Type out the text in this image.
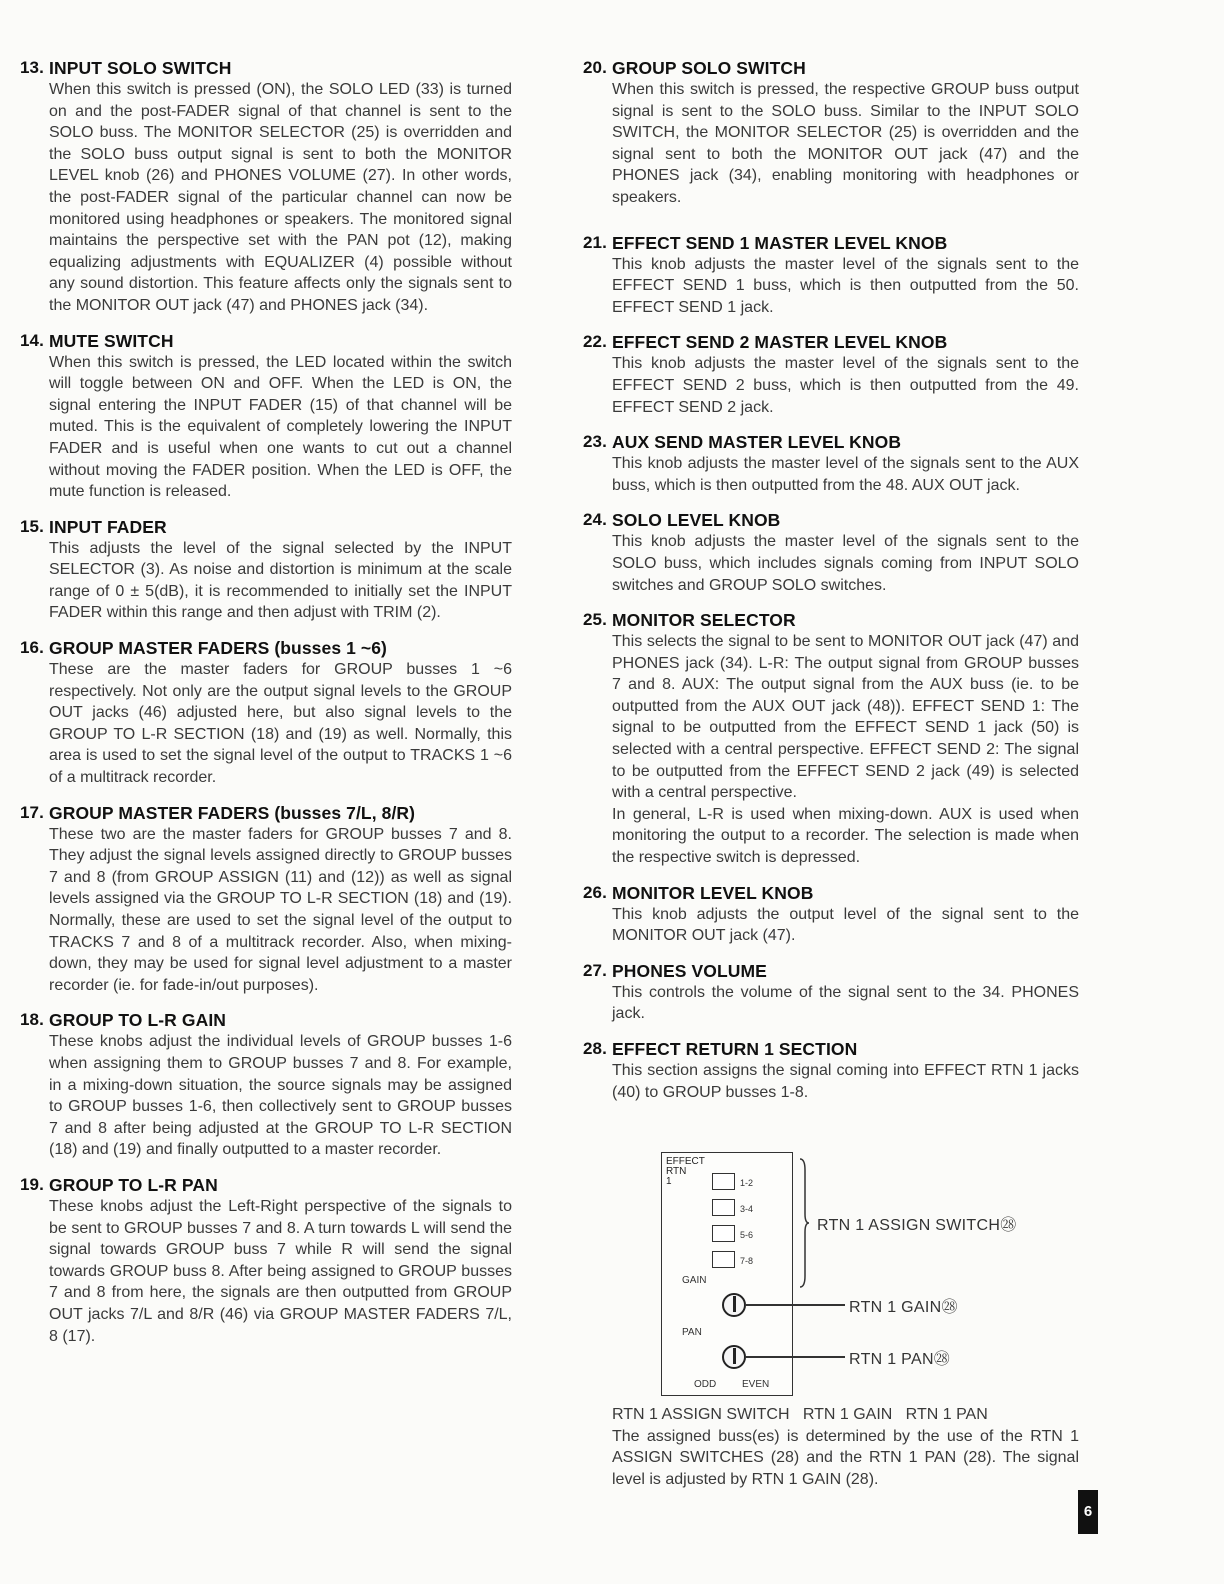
13. INPUT SOLO SWITCH

When this switch is pressed (ON), the SOLO LED (33) is turned on and the post-FADER signal of that channel is sent to the SOLO buss. The MONITOR SELECTOR (25) is overridden and the SOLO buss output signal is sent to both the MONITOR LEVEL knob (26) and PHONES VOLUME (27). In other words, the post-FADER signal of the particular channel can now be monitored using headphones or speakers. The monitored signal maintains the perspective set with the PAN pot (12), making equalizing adjustments with EQUALIZER (4) possible without any sound distortion. This feature affects only the signals sent to the MONITOR OUT jack (47) and PHONES jack (34).

14. MUTE SWITCH

When this switch is pressed, the LED located within the switch will toggle between ON and OFF. When the LED is ON, the signal entering the INPUT FADER (15) of that channel will be muted. This is the equivalent of completely lowering the INPUT FADER and is useful when one wants to cut out a channel without moving the FADER position. When the LED is OFF, the mute function is released.

15. INPUT FADER

This adjusts the level of the signal selected by the INPUT SELECTOR (3). As noise and distortion is minimum at the scale range of 0 ± 5(dB), it is recommended to initially set the INPUT FADER within this range and then adjust with TRIM (2).

16. GROUP MASTER FADERS (busses 1 ~6)

These are the master faders for GROUP busses 1 ~6 respectively. Not only are the output signal levels to the GROUP OUT jacks (46) adjusted here, but also signal levels to the GROUP TO L-R SECTION (18) and (19) as well. Normally, this area is used to set the signal level of the output to TRACKS 1 ~6 of a multitrack recorder.

17. GROUP MASTER FADERS (busses 7/L, 8/R)

These two are the master faders for GROUP busses 7 and 8. They adjust the signal levels assigned directly to GROUP busses 7 and 8 (from GROUP ASSIGN (11) and (12)) as well as signal levels assigned via the GROUP TO L-R SECTION (18) and (19). Normally, these are used to set the signal level of the output to TRACKS 7 and 8 of a multitrack recorder. Also, when mixing-down, they may be used for signal level adjustment to a master recorder (ie. for fade-in/out purposes).

18. GROUP TO L-R GAIN

These knobs adjust the individual levels of GROUP busses 1-6 when assigning them to GROUP busses 7 and 8. For example, in a mixing-down situation, the source signals may be assigned to GROUP busses 1-6, then collectively sent to GROUP busses 7 and 8 after being adjusted at the GROUP TO L-R SECTION (18) and (19) and finally outputted to a master recorder.

19. GROUP TO L-R PAN

These knobs adjust the Left-Right perspective of the signals to be sent to GROUP busses 7 and 8. A turn towards L will send the signal towards GROUP buss 7 while R will send the signal towards GROUP buss 8. After being assigned to GROUP busses 7 and 8 from here, the signals are then outputted from GROUP OUT jacks 7/L and 8/R (46) via GROUP MASTER FADERS 7/L, 8 (17).

20. GROUP SOLO SWITCH

When this switch is pressed, the respective GROUP buss output signal is sent to the SOLO buss. Similar to the INPUT SOLO SWITCH, the MONITOR SELECTOR (25) is overridden and the signal sent to both the MONITOR OUT jack (47) and the PHONES jack (34), enabling monitoring with headphones or speakers.

21. EFFECT SEND 1 MASTER LEVEL KNOB

This knob adjusts the master level of the signals sent to the EFFECT SEND 1 buss, which is then outputted from the 50. EFFECT SEND 1 jack.

22. EFFECT SEND 2 MASTER LEVEL KNOB

This knob adjusts the master level of the signals sent to the EFFECT SEND 2 buss, which is then outputted from the 49. EFFECT SEND 2 jack.

23. AUX SEND MASTER LEVEL KNOB

This knob adjusts the master level of the signals sent to the AUX buss, which is then outputted from the 48. AUX OUT jack.

24. SOLO LEVEL KNOB

This knob adjusts the master level of the signals sent to the SOLO buss, which includes signals coming from INPUT SOLO switches and GROUP SOLO switches.

25. MONITOR SELECTOR

This selects the signal to be sent to MONITOR OUT jack (47) and PHONES jack (34). L-R: The output signal from GROUP busses 7 and 8. AUX: The output signal from the AUX buss (ie. to be outputted from the AUX OUT jack (48)). EFFECT SEND 1: The signal to be outputted from the EFFECT SEND 1 jack (50) is selected with a central perspective. EFFECT SEND 2: The signal to be outputted from the EFFECT SEND 2 jack (49) is selected with a central perspective.

In general, L-R is used when mixing-down. AUX is used when monitoring the output to a recorder. The selection is made when the respective switch is depressed.

26. MONITOR LEVEL KNOB

This knob adjusts the output level of the signal sent to the MONITOR OUT jack (47).

27. PHONES VOLUME

This controls the volume of the signal sent to the 34. PHONES jack.

28. EFFECT RETURN 1 SECTION

This section assigns the signal coming into EFFECT RTN 1 jacks (40) to GROUP busses 1-8.

EFFECT
RTN
1	1-2
3-4
5-6
7-8
GAIN
PAN
ODD	EVEN
RTN 1 ASSIGN SWITCH㉘
RTN 1 GAIN㉘
RTN 1 PAN㉘

RTN 1 ASSIGN SWITCH   RTN 1 GAIN   RTN 1 PAN

The assigned buss(es) is determined by the use of the RTN 1 ASSIGN SWITCHES (28) and the RTN 1 PAN (28). The signal level is adjusted by RTN 1 GAIN (28).

6
